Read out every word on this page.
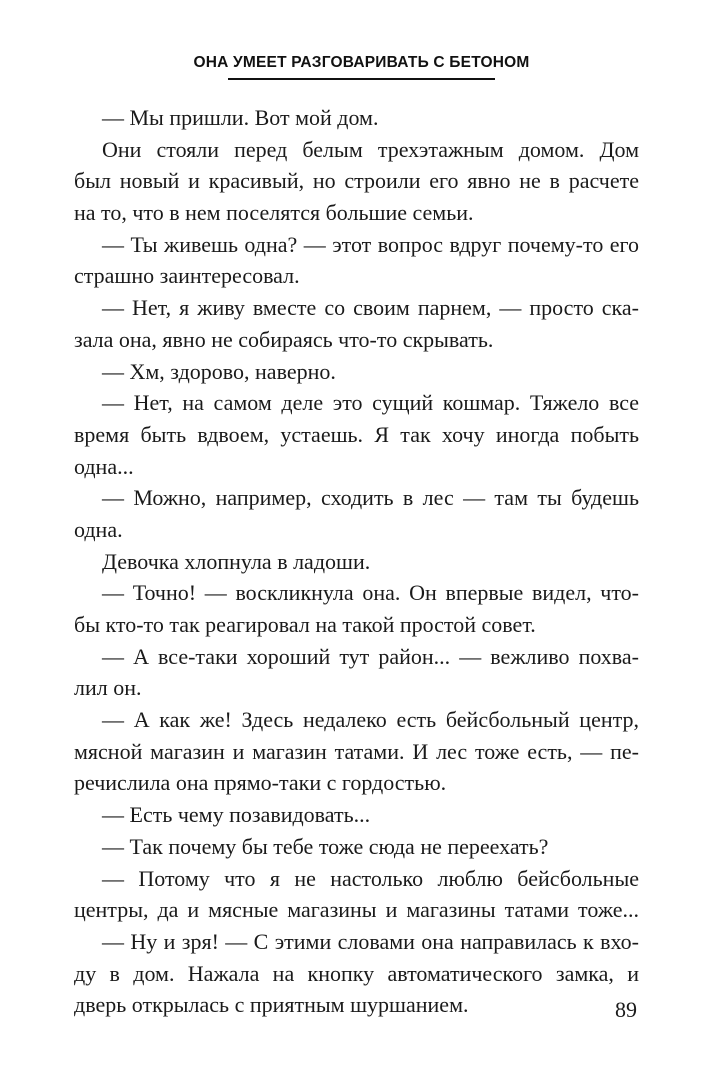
ОНА УМЕЕТ РАЗГОВАРИВАТЬ С БЕТОНОМ
— Мы пришли. Вот мой дом.
Они стояли перед белым трехэтажным домом. Дом
был новый и красивый, но строили его явно не в расчете
на то, что в нем поселятся большие семьи.
— Ты живешь одна? — этот вопрос вдруг почему-то его
страшно заинтересовал.
— Нет, я живу вместе со своим парнем, — просто ска-
зала она, явно не собираясь что-то скрывать.
— Хм, здорово, наверно.
— Нет, на самом деле это сущий кошмар. Тяжело все
время быть вдвоем, устаешь. Я так хочу иногда побыть
одна...
— Можно, например, сходить в лес — там ты будешь
одна.
Девочка хлопнула в ладоши.
— Точно! — воскликнула она. Он впервые видел, что-
бы кто-то так реагировал на такой простой совет.
— А все-таки хороший тут район... — вежливо похва-
лил он.
— А как же! Здесь недалеко есть бейсбольный центр,
мясной магазин и магазин татами. И лес тоже есть, — пе-
речислила она прямо-таки с гордостью.
— Есть чему позавидовать...
— Так почему бы тебе тоже сюда не переехать?
— Потому что я не настолько люблю бейсбольные
центры, да и мясные магазины и магазины татами тоже...
— Ну и зря! — С этими словами она направилась к вхо-
ду в дом. Нажала на кнопку автоматического замка, и
дверь открылась с приятным шуршанием.	89
